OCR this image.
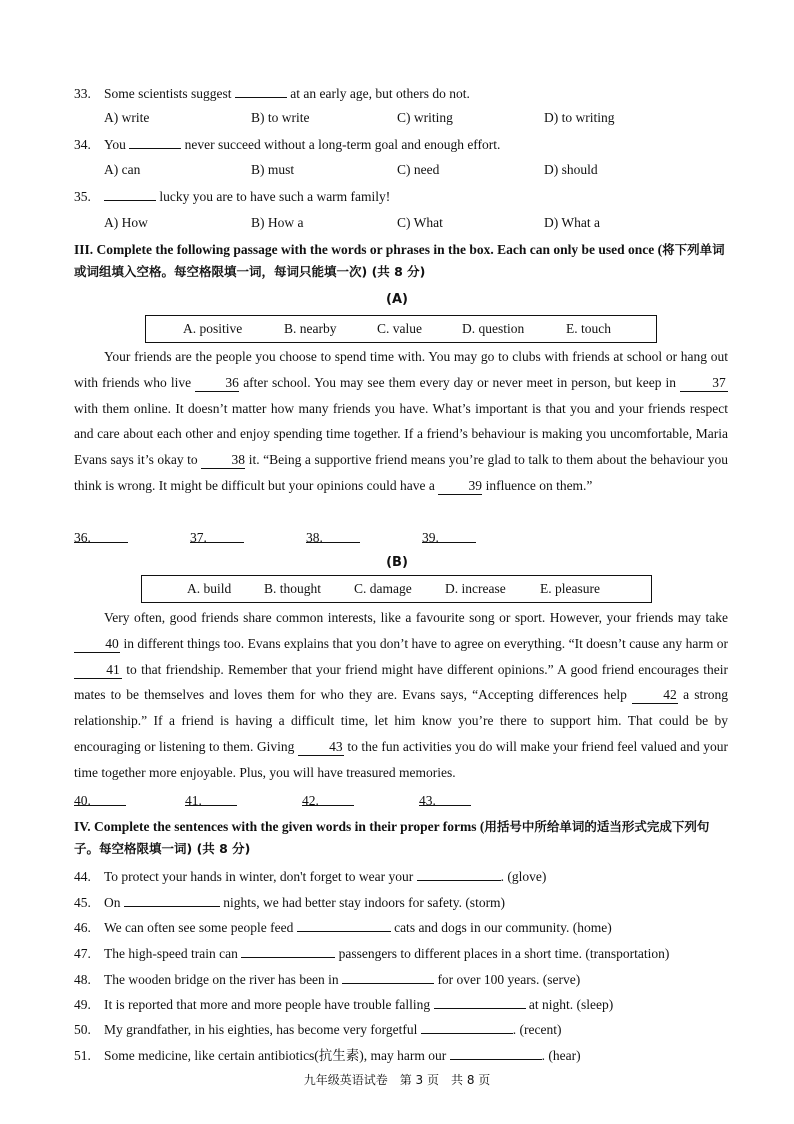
33. Some scientists suggest	at an early age, but others do not.
A) write	B) to write	C) writing	D) to writing
34. You	never succeed without a long-term goal and enough effort.
A) can	B) must	C) need	D) should
35.	lucky you are to have such a warm family!
A) How	B) How a	C) What	D) What a
III. Complete the following passage with the words or phrases in the box. Each can only be used once (将下列单词或词组填入空格。每空格限填一词，每词只能填一次) (共 8 分)
(A)
A. positive	B. nearby	C. value	D. question	E. touch
Your friends are the people you choose to spend time with. You may go to clubs with friends at school or hang out with friends who live	36 after school. You may see them every day or never meet in person, but keep in	37 with them online. It doesn’t matter how many friends you have. What’s important is that you and your friends respect and care about each other and enjoy spending time together. If a friend’s behaviour is making you uncomfortable, Maria Evans says it’s okay to	38 it. “Being a supportive friend means you’re glad to talk to them about the behaviour you think is wrong. It might be difficult but your opinions could have a 39 influence on them.”
36.	37.	38.	39.
(B)
A. build B. thought C. damage D. increase	E. pleasure
Very often, good friends share common interests, like a favourite song or sport. However, your friends may take 40 in different things too. Evans explains that you don’t have to agree on everything. “It doesn’t cause any harm or 41 to that friendship. Remember that your friend might have different opinions.” A good friend encourages their mates to be themselves and loves them for who they are. Evans says, “Accepting differences help	42 a strong relationship.” If a friend is having a difficult time, let him know you’re there to support him. That could be by encouraging or listening to them. Giving	43 to the fun activities you do will make your friend feel valued and your time together more enjoyable. Plus, you will have treasured memories.
40.	41.	42.	43.
IV. Complete the sentences with the given words in their proper forms (用括号中所给单词的适当形式完成下列句子。每空格限填一词) (共 8 分)
44. To protect your hands in winter, don't forget to wear your	. (glove)
45. On	nights, we had better stay indoors for safety. (storm)
46. We can often see some people feed	cats and dogs in our community. (home)
47. The high-speed train can	passengers to different places in a short time. (transportation)
48. The wooden bridge on the river has been in	for over 100 years. (serve)
49. It is reported that more and more people have trouble falling	at night. (sleep)
50. My grandfather, in his eighties, has become very forgetful	. (recent)
51. Some medicine, like certain antibiotics(抗生素), may harm our	. (hear)
九年级英语试卷　第 3 页　共 8 页
